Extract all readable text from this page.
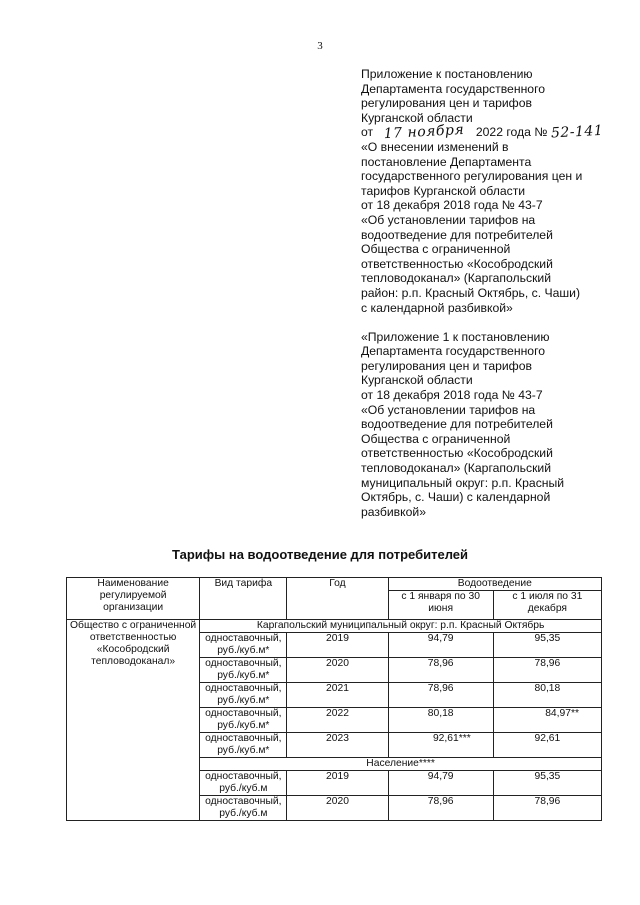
3

Приложение к постановлению

Департамента государственного

регулирования цен и тарифов

Курганской области

от 17 ноября 2022 года № 52-141

«О внесении изменений в

постановление Департамента

государственного регулирования цен и

тарифов Курганской области

от 18 декабря 2018 года № 43-7

«Об установлении тарифов на

водоотведение для потребителей

Общества с ограниченной

ответственностью «Кособродский

тепловодоканал» (Каргапольский

район: р.п. Красный Октябрь, с. Чаши)

с календарной разбивкой»

«Приложение 1 к постановлению

Департамента государственного

регулирования цен и тарифов

Курганской области

от 18 декабря 2018 года № 43-7

«Об установлении тарифов на

водоотведение для потребителей

Общества с ограниченной

ответственностью «Кособродский

тепловодоканал» (Каргапольский

муниципальный округ: р.п. Красный

Октябрь, с. Чаши) с календарной

разбивкой»

Тарифы на водоотведение для потребителей
Наименование регулируемой организации	Вид тарифа	Год	Водоотведение	
			с 1 января по 30 июня	с 1 июля по 31 декабря
Общество с ограниченной ответственностью «Кособродский тепловодоканал»	Каргапольский муниципальный округ: р.п. Красный Октябрь			
	одноставочный, руб./куб.м*	2019	94,79	95,35
	одноставочный, руб./куб.м*	2020	78,96	78,96
	одноставочный, руб./куб.м*	2021	78,96	80,18
	одноставочный, руб./куб.м*	2022	80,18	84,97**
	одноставочный, руб./куб.м*	2023	92,61***	92,61
	Население****			
	одноставочный, руб./куб.м	2019	94,79	95,35
	одноставочный, руб./куб.м	2020	78,96	78,96
